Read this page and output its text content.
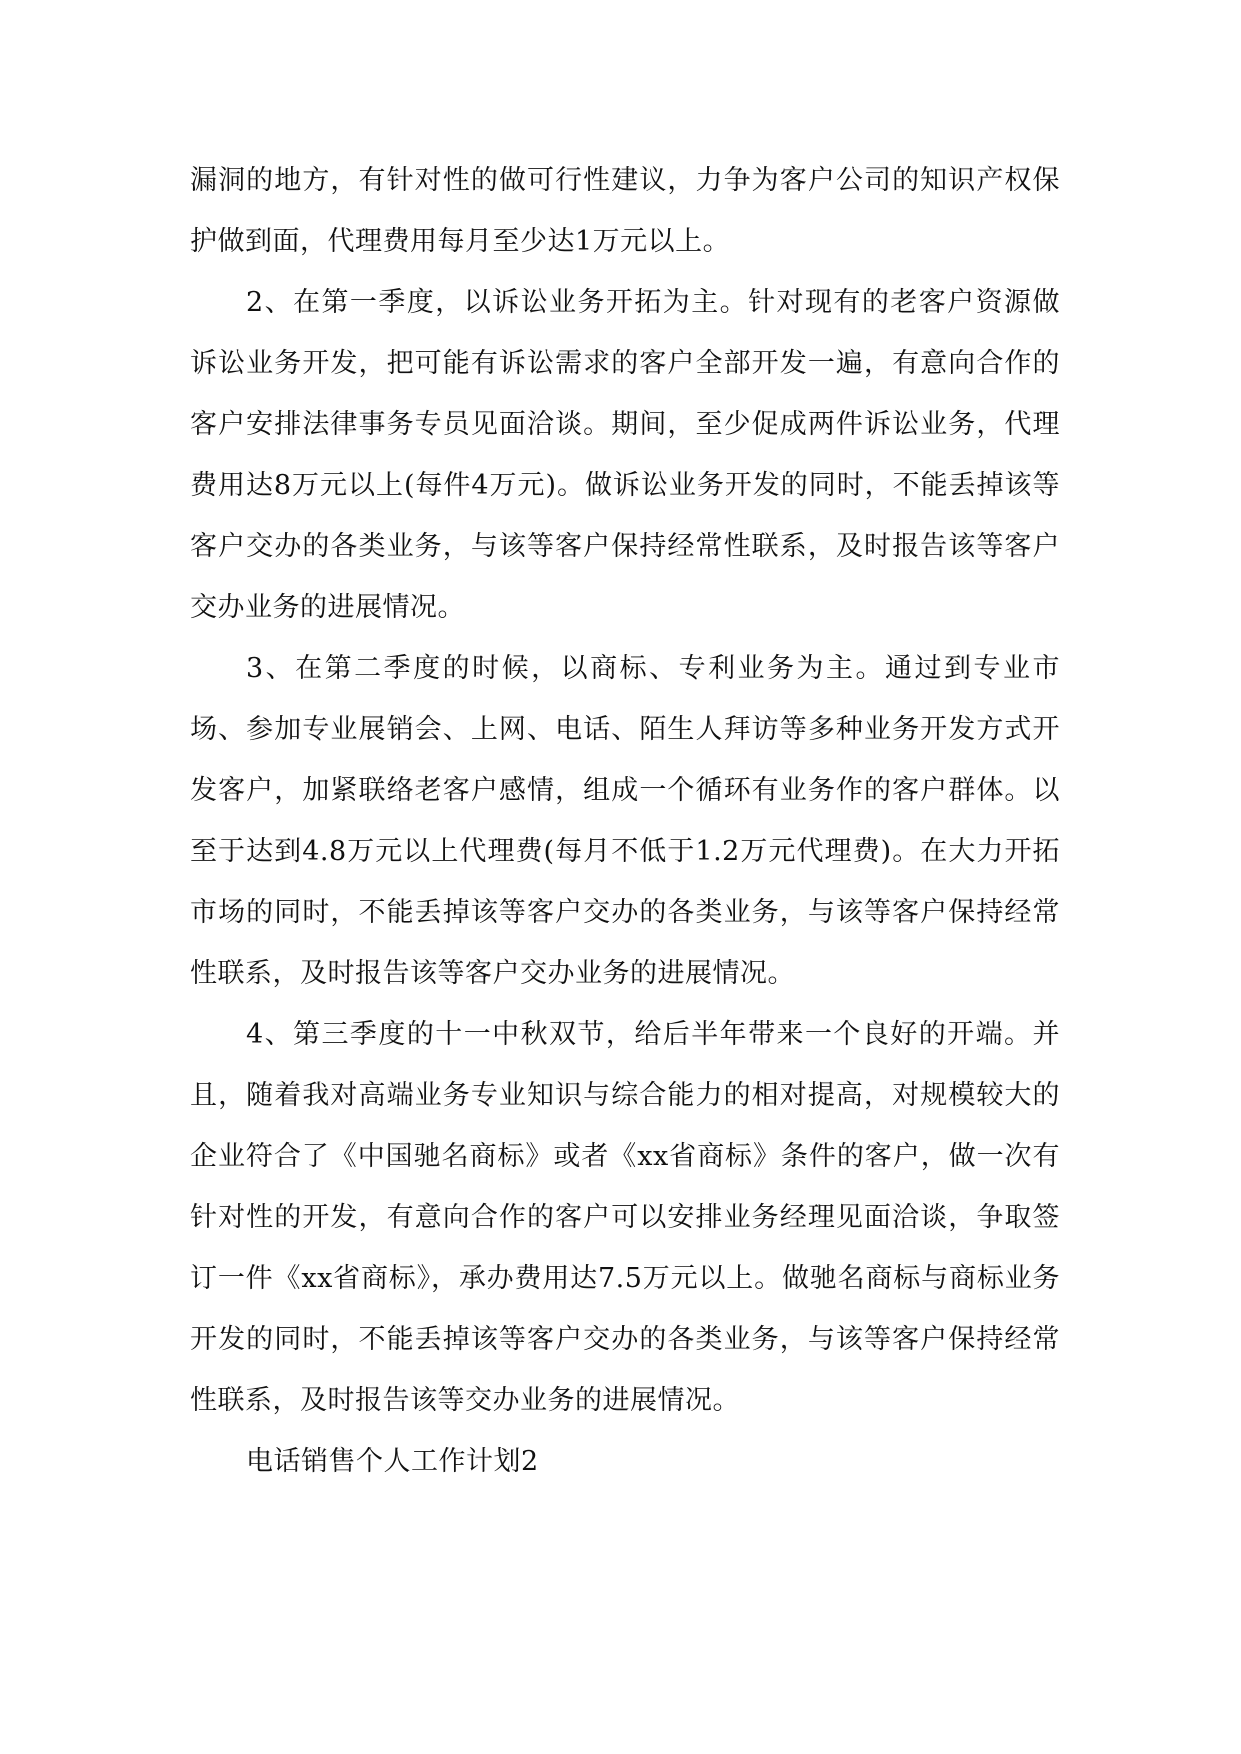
漏洞的地方，有针对性的做可行性建议，力争为客户公司的知识产权保护做到面，代理费用每月至少达1万元以上。

2、在第一季度，以诉讼业务开拓为主。针对现有的老客户资源做诉讼业务开发，把可能有诉讼需求的客户全部开发一遍，有意向合作的客户安排法律事务专员见面洽谈。期间，至少促成两件诉讼业务，代理费用达8万元以上(每件4万元)。做诉讼业务开发的同时，不能丢掉该等客户交办的各类业务，与该等客户保持经常性联系，及时报告该等客户交办业务的进展情况。

3、在第二季度的时候，以商标、专利业务为主。通过到专业市场、参加专业展销会、上网、电话、陌生人拜访等多种业务开发方式开发客户，加紧联络老客户感情，组成一个循环有业务作的客户群体。以至于达到4.8万元以上代理费(每月不低于1.2万元代理费)。在大力开拓市场的同时，不能丢掉该等客户交办的各类业务，与该等客户保持经常性联系，及时报告该等客户交办业务的进展情况。

4、第三季度的十一中秋双节，给后半年带来一个良好的开端。并且，随着我对高端业务专业知识与综合能力的相对提高，对规模较大的企业符合了《中国驰名商标》或者《xx省商标》条件的客户，做一次有针对性的开发，有意向合作的客户可以安排业务经理见面洽谈，争取签订一件《xx省商标》，承办费用达7.5万元以上。做驰名商标与商标业务开发的同时，不能丢掉该等客户交办的各类业务，与该等客户保持经常性联系，及时报告该等交办业务的进展情况。

电话销售个人工作计划2
